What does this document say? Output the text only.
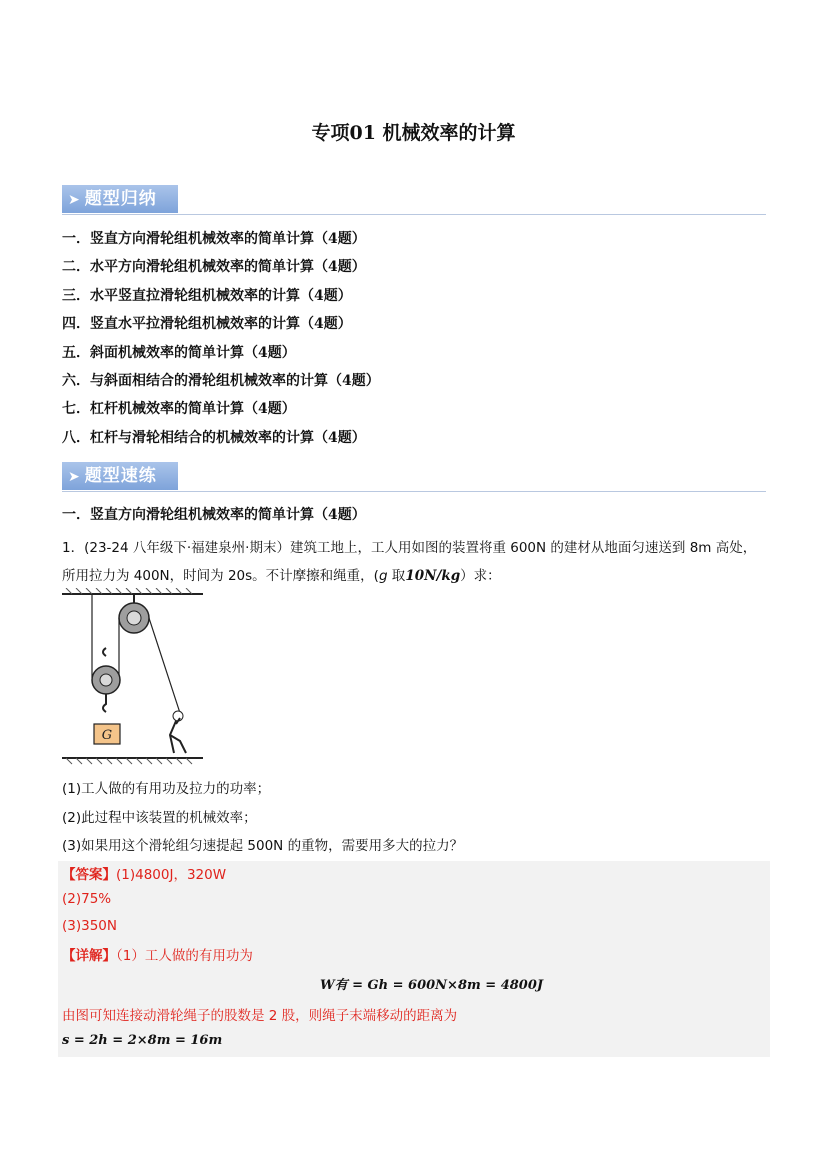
专项01 机械效率的计算
➤ 题型归纳
一．竖直方向滑轮组机械效率的简单计算（4题）
二．水平方向滑轮组机械效率的简单计算（4题）
三．水平竖直拉滑轮组机械效率的计算（4题）
四．竖直水平拉滑轮组机械效率的计算（4题）
五．斜面机械效率的简单计算（4题）
六．与斜面相结合的滑轮组机械效率的计算（4题）
七．杠杆机械效率的简单计算（4题）
八．杠杆与滑轮相结合的机械效率的计算（4题）
➤ 题型速练
一．竖直方向滑轮组机械效率的简单计算（4题）
1．(23-24 八年级下·福建泉州·期末）建筑工地上，工人用如图的装置将重 600N 的建材从地面匀速送到 8m 高处，
所用拉力为 400N，时间为 20s。不计摩擦和绳重，(g 取10N/kg）求：
G
(1)工人做的有用功及拉力的功率；
(2)此过程中该装置的机械效率；
(3)如果用这个滑轮组匀速提起 500N 的重物，需要用多大的拉力？
【答案】(1)4800J，320W
(2)75%
(3)350N
【详解】（1）工人做的有用功为
W有 = Gh = 600N×8m = 4800J
由图可知连接动滑轮绳子的股数是 2 股，则绳子末端移动的距离为
s = 2h = 2×8m = 16m
